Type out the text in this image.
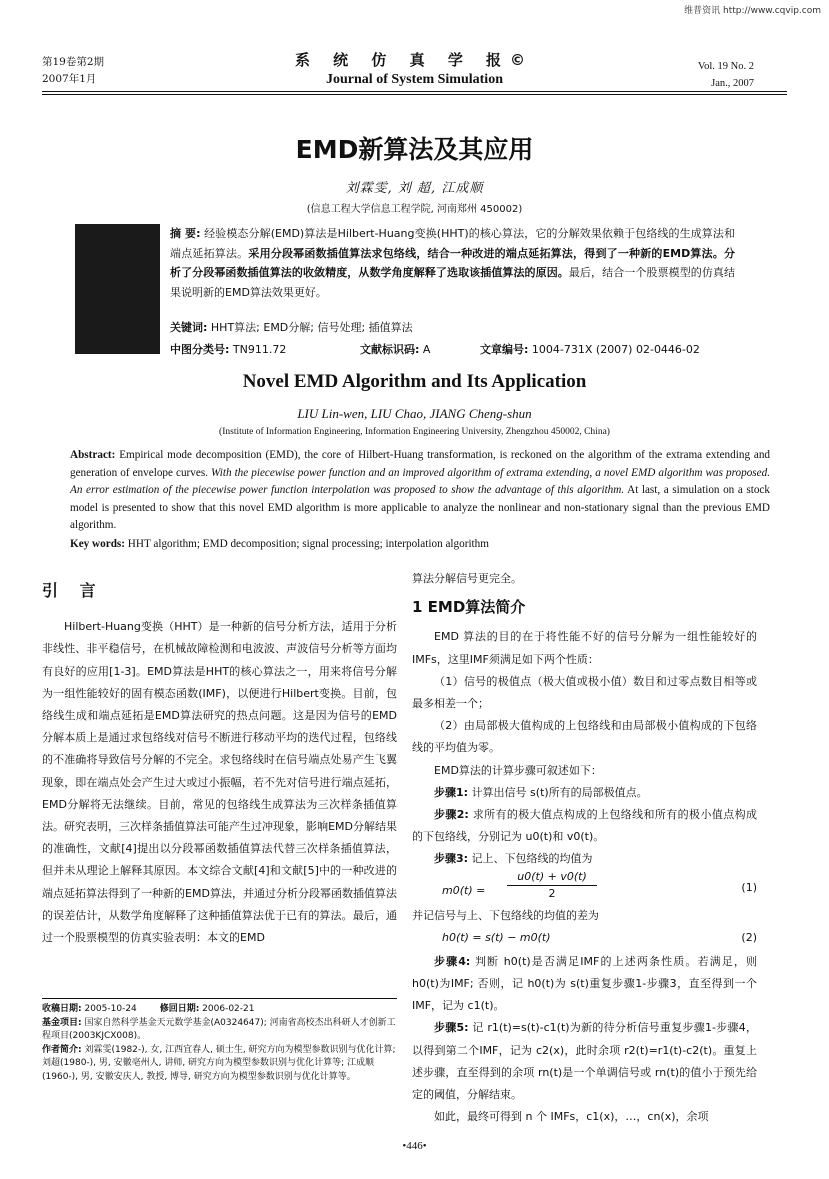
维普资讯 http://www.cqvip.com
第19卷第2期
2007年1月
系 统 仿 真 学 报©
Journal of System Simulation
Vol. 19 No. 2
Jan., 2007
EMD新算法及其应用
刘霖雯, 刘 超, 江成顺
(信息工程大学信息工程学院, 河南郑州 450002)
摘 要: 经验模态分解(EMD)算法是Hilbert-Huang变换(HHT)的核心算法，它的分解效果依赖于包络线的生成算法和端点延拓算法。采用分段幂函数插值算法求包络线，结合一种改进的端点延拓算法，得到了一种新的EMD算法。分析了分段幂函数插值算法的收敛精度，从数学角度解释了选取该插值算法的原因。最后，结合一个股票模型的仿真结果说明新的EMD算法效果更好。
关键词: HHT算法; EMD分解; 信号处理; 插值算法
中图分类号: TN911.72	文献标识码: A	文章编号: 1004-731X (2007) 02-0446-02
Novel EMD Algorithm and Its Application
LIU Lin-wen, LIU Chao, JIANG Cheng-shun
(Institute of Information Engineering, Information Engineering University, Zhengzhou 450002, China)
Abstract: Empirical mode decomposition (EMD), the core of Hilbert-Huang transformation, is reckoned on the algorithm of the extrama extending and generation of envelope curves. With the piecewise power function and an improved algorithm of extrama extending, a novel EMD algorithm was proposed. An error estimation of the piecewise power function interpolation was proposed to show the advantage of this algorithm. At last, a simulation on a stock model is presented to show that this novel EMD algorithm is more applicable to analyze the nonlinear and non-stationary signal than the previous EMD algorithm.
Key words: HHT algorithm; EMD decomposition; signal processing; interpolation algorithm
引 言

Hilbert-Huang变换（HHT）是一种新的信号分析方法，适用于分析非线性、非平稳信号，在机械故障检测和电波波、声波信号分析等方面均有良好的应用[1-3]。EMD算法是HHT的核心算法之一，用来将信号分解为一组性能较好的固有模态函数(IMF)，以便进行Hilbert变换。目前，包络线生成和端点延拓是EMD算法研究的热点问题。这是因为信号的EMD分解本质上是通过求包络线对信号不断进行移动平均的迭代过程，包络线的不准确将导致信号分解的不完全。求包络线时在信号端点处易产生飞翼现象，即在端点处会产生过大或过小振幅，若不先对信号进行端点延拓，EMD分解将无法继续。目前，常见的包络线生成算法为三次样条插值算法。研究表明，三次样条插值算法可能产生过冲现象，影响EMD分解结果的准确性，文献[4]提出以分段幂函数插值算法代替三次样条插值算法，但并未从理论上解释其原因。本文综合文献[4]和文献[5]中的一种改进的端点延拓算法得到了一种新的EMD算法，并通过分析分段幂函数插值算法的误差估计，从数学角度解释了这种插值算法优于已有的算法。最后，通过一个股票模型的仿真实验表明：本文的EMD

收稿日期: 2005-10-24	修回日期: 2006-02-21
基金项目: 国家自然科学基金天元数学基金(A0324647); 河南省高校杰出科研人才创新工程项目(2003KJCX008)。
作者简介: 刘霖雯(1982-), 女, 江西宜春人, 硕士生, 研究方向为模型参数识别与优化计算; 刘超(1980-), 男, 安徽亳州人, 讲师, 研究方向为模型参数识别与优化计算等; 江成顺(1960-), 男, 安徽安庆人, 教授, 博导, 研究方向为模型参数识别与优化计算等。
算法分解信号更完全。
1 EMD算法简介

EMD 算法的目的在于将性能不好的信号分解为一组性能较好的IMFs，这里IMF须满足如下两个性质：

（1）信号的极值点（极大值或极小值）数目和过零点数目相等或最多相差一个；

（2）由局部极大值构成的上包络线和由局部极小值构成的下包络线的平均值为零。

EMD算法的计算步骤可叙述如下：

步骤1: 计算出信号 s(t)所有的局部极值点。

步骤2: 求所有的极大值点构成的上包络线和所有的极小值点构成的下包络线，分别记为 u0(t)和 v0(t)。

步骤3: 记上、下包络线的均值为

$m0(t) = \frac{u0(t) + v0(t)}{2}$	(1)
并记信号与上、下包络线的均值的差为
h0(t) = s(t) − m0(t)	(2)

步骤4: 判断 h0(t)是否满足IMF的上述两条性质。若满足，则 h0(t)为IMF; 否则，记 h0(t)为 s(t)重复步骤1-步骤3，直至得到一个IMF，记为 c1(t)。

步骤5: 记 r1(t)=s(t)-c1(t)为新的待分析信号重复步骤1-步骤4，以得到第二个IMF，记为 c2(x)，此时余项 r2(t)=r1(t)-c2(t)。重复上述步骤，直至得到的余项 rn(t)是一个单调信号或 rn(t)的值小于预先给定的阈值，分解结束。

如此，最终可得到 n 个 IMFs，c1(x)，…，cn(x)，余项

•446•
